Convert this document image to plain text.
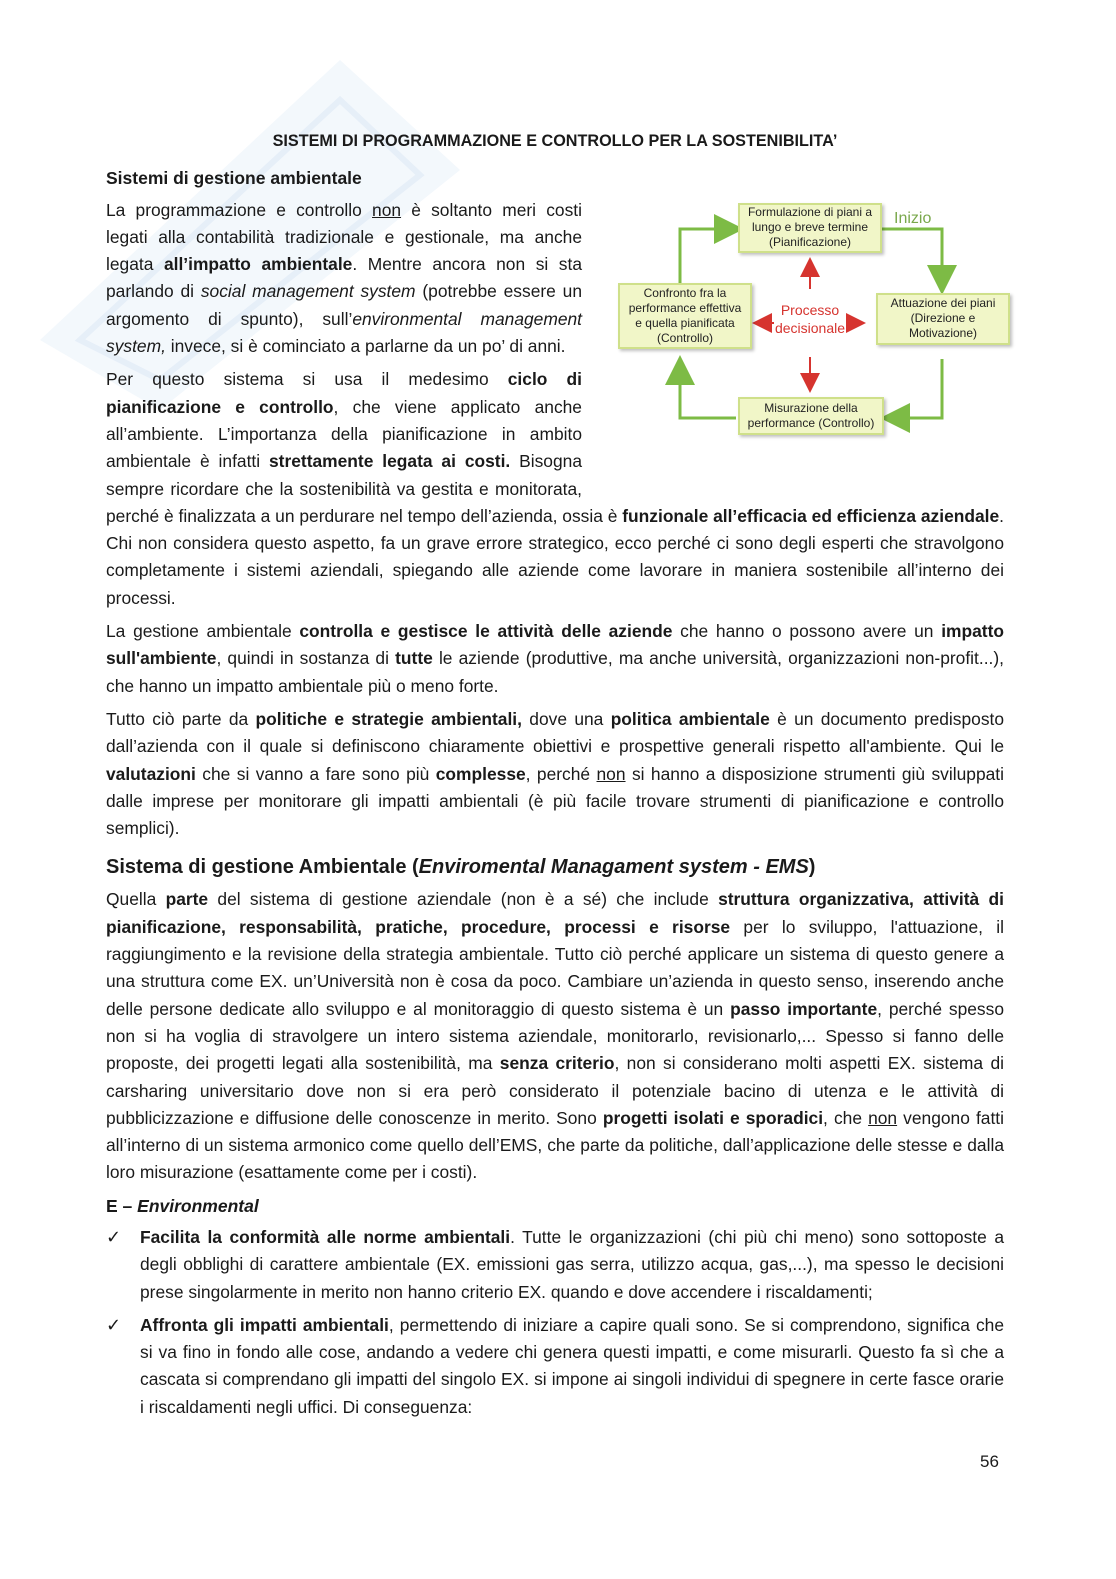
SISTEMI DI PROGRAMMAZIONE E CONTROLLO PER LA SOSTENIBILITA’
Sistemi di gestione ambientale
Formulazione di piani a lungo e breve termine (Pianificazione)
Attuazione dei piani (Direzione e Motivazione)
Misurazione della performance (Controllo)
Confronto fra la performance effettiva e quella pianificata (Controllo)
Processo decisionale
Inizio

La programmazione e controllo non è soltanto meri costi legati alla contabilità tradizionale e gestionale, ma anche legata all’impatto ambientale. Mentre ancora non si sta parlando di social management system (potrebbe essere un argomento di spunto), sull’environmental management system, invece, si è cominciato a parlarne da un po’ di anni.

Per questo sistema si usa il medesimo ciclo di pianificazione e controllo, che viene applicato anche all’ambiente. L’importanza della pianificazione in ambito ambientale è infatti strettamente legata ai costi. Bisogna sempre ricordare che la sostenibilità va gestita e monitorata, perché è finalizzata a un perdurare nel tempo dell’azienda, ossia è funzionale all’efficacia ed efficienza aziendale. Chi non considera questo aspetto, fa un grave errore strategico, ecco perché ci sono degli esperti che stravolgono completamente i sistemi aziendali, spiegando alle aziende come lavorare in maniera sostenibile all’interno dei processi.

La gestione ambientale controlla e gestisce le attività delle aziende che hanno o possono avere un impatto sull'ambiente, quindi in sostanza di tutte le aziende (produttive, ma anche università, organizzazioni non-profit...), che hanno un impatto ambientale più o meno forte.

Tutto ciò parte da politiche e strategie ambientali, dove una politica ambientale è un documento predisposto dall’azienda con il quale si definiscono chiaramente obiettivi e prospettive generali rispetto all'ambiente. Qui le valutazioni che si vanno a fare sono più complesse, perché non si hanno a disposizione strumenti giù sviluppati dalle imprese per monitorare gli impatti ambientali (è più facile trovare strumenti di pianificazione e controllo semplici).

Sistema di gestione Ambientale (Enviromental Managament system - EMS)

Quella parte del sistema di gestione aziendale (non è a sé) che include struttura organizzativa, attività di pianificazione, responsabilità, pratiche, procedure, processi e risorse per lo sviluppo, l'attuazione, il raggiungimento e la revisione della strategia ambientale. Tutto ciò perché applicare un sistema di questo genere a una struttura come EX. un’Università non è cosa da poco. Cambiare un’azienda in questo senso, inserendo anche delle persone dedicate allo sviluppo e al monitoraggio di questo sistema è un passo importante, perché spesso non si ha voglia di stravolgere un intero sistema aziendale, monitorarlo, revisionarlo,... Spesso si fanno delle proposte, dei progetti legati alla sostenibilità, ma senza criterio, non si considerano molti aspetti EX. sistema di carsharing universitario dove non si era però considerato il potenziale bacino di utenza e le attività di pubblicizzazione e diffusione delle conoscenze in merito. Sono progetti isolati e sporadici, che non vengono fatti all’interno di un sistema armonico come quello dell’EMS, che parte da politiche, dall’applicazione delle stesse e dalla loro misurazione (esattamente come per i costi).

E – Environmental
✓ Facilita la conformità alle norme ambientali. Tutte le organizzazioni (chi più chi meno) sono sottoposte a degli obblighi di carattere ambientale (EX. emissioni gas serra, utilizzo acqua, gas,...), ma spesso le decisioni prese singolarmente in merito non hanno criterio EX. quando e dove accendere i riscaldamenti;
✓ Affronta gli impatti ambientali, permettendo di iniziare a capire quali sono. Se si comprendono, significa che si va fino in fondo alle cose, andando a vedere chi genera questi impatti, e come misurarli. Questo fa sì che a cascata si comprendano gli impatti del singolo EX. si impone ai singoli individui di spegnere in certe fasce orarie i riscaldamenti negli uffici. Di conseguenza:
56
